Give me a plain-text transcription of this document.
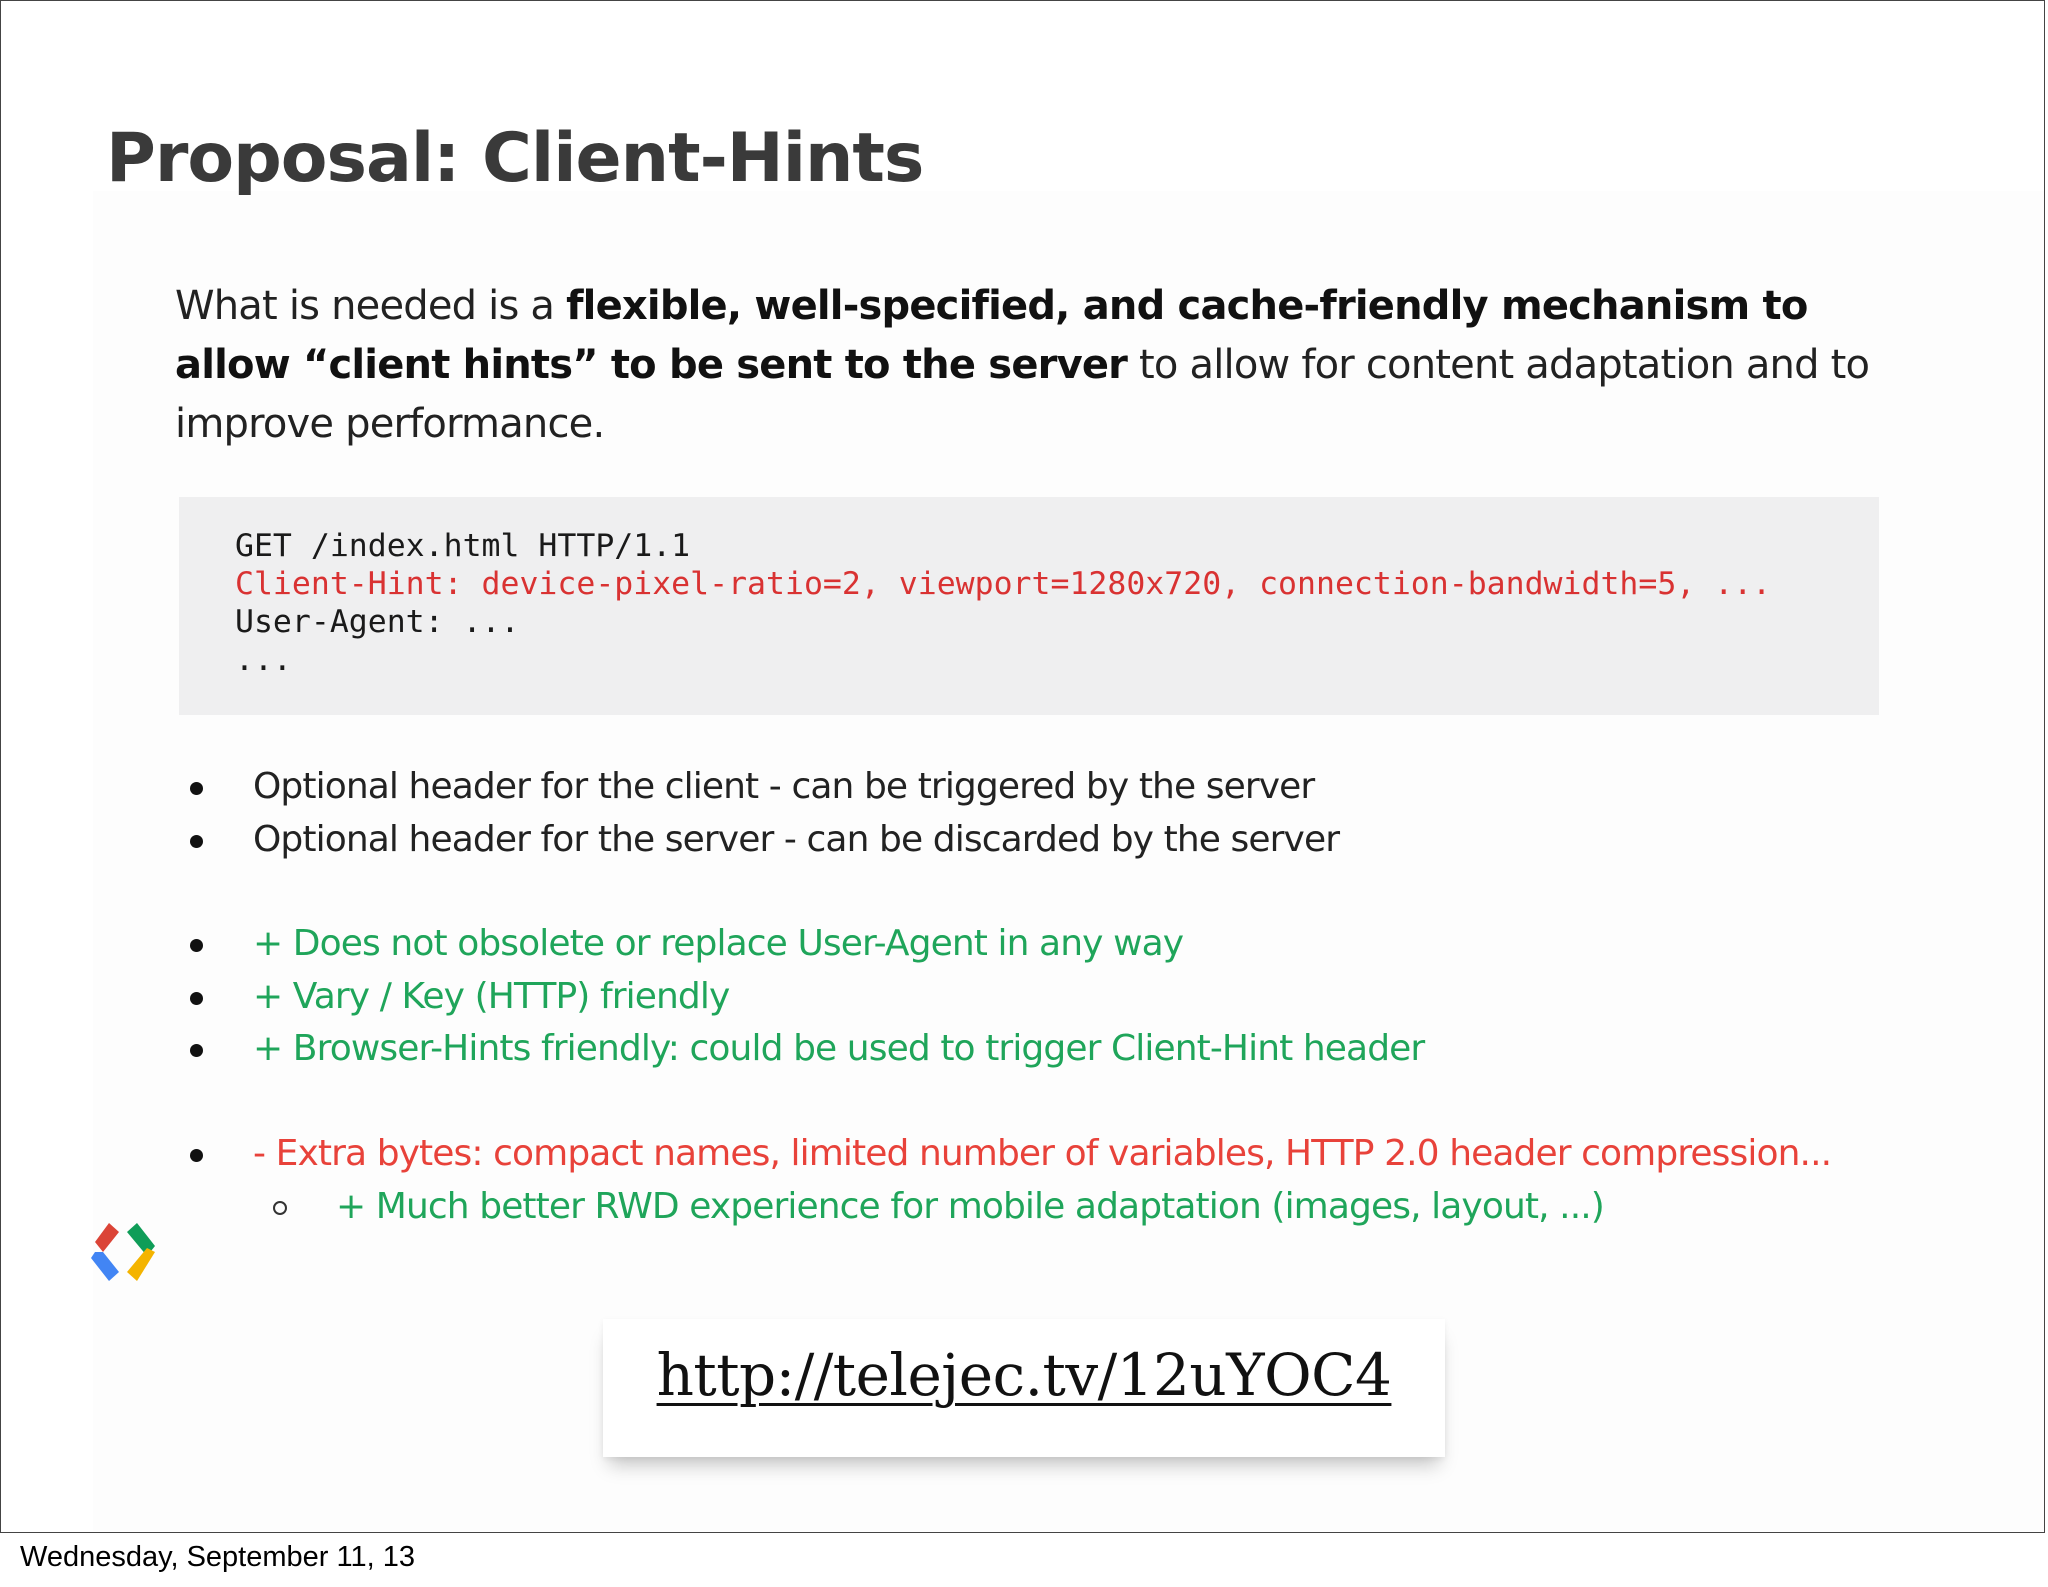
Proposal: Client-Hints
What is needed is a flexible, well-specified, and cache-friendly mechanism to allow “client hints” to be sent to the server to allow for content adaptation and to improve performance.
GET /index.html HTTP/1.1
Client-Hint: device-pixel-ratio=2, viewport=1280x720, connection-bandwidth=5, ...
User-Agent: ...
...
Optional header for the client - can be triggered by the server
Optional header for the server - can be discarded by the server
+ Does not obsolete or replace User-Agent in any way
+ Vary / Key (HTTP) friendly
+ Browser-Hints friendly: could be used to trigger Client-Hint header
- Extra bytes: compact names, limited number of variables, HTTP 2.0 header compression...
+ Much better RWD experience for mobile adaptation (images, layout, ...)
http://telejec.tv/12uYOC4
Wednesday, September 11, 13
